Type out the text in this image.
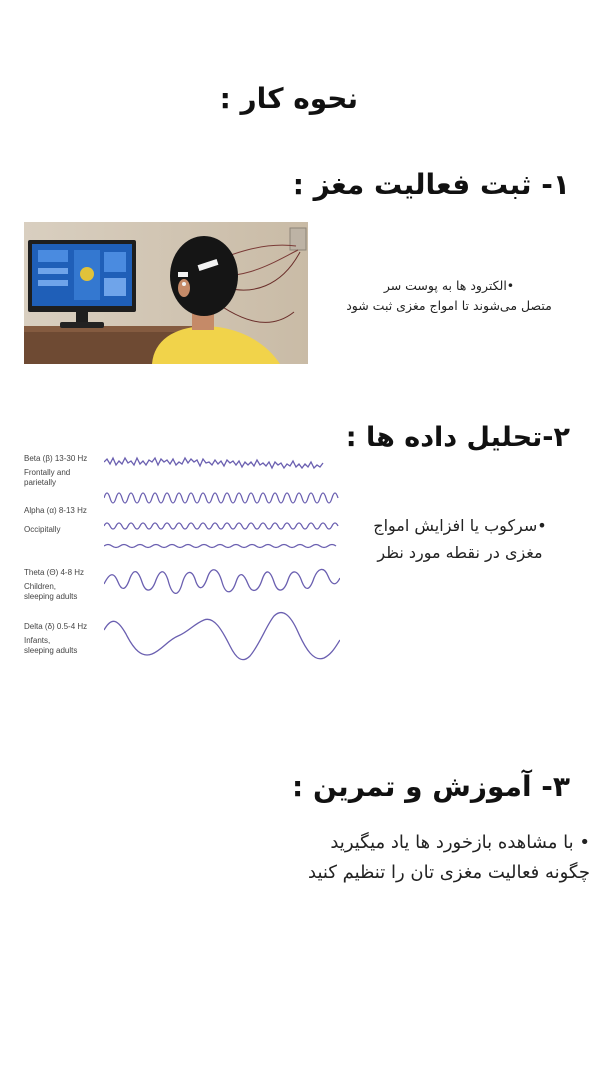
نحوه کار :
۱- ثبت فعالیت مغز :
•الکترود ها به پوست سر
متصل می‌شوند تا امواج مغزی ثبت شود
۲-تحلیل داده ها :
Beta (β) 13-30 Hz
Frontally and
parietally
Alpha (α) 8-13 Hz
Occipitally
Theta (Θ) 4-8 Hz
Children,
sleeping adults
Delta (δ) 0.5-4 Hz
Infants,
sleeping adults
•سرکوب یا افزایش امواج
مغزی در نقطه مورد نظر
۳- آموزش و تمرین :
• با مشاهده بازخورد ها یاد میگیرید
چگونه فعالیت مغزی تان را تنظیم کنید
